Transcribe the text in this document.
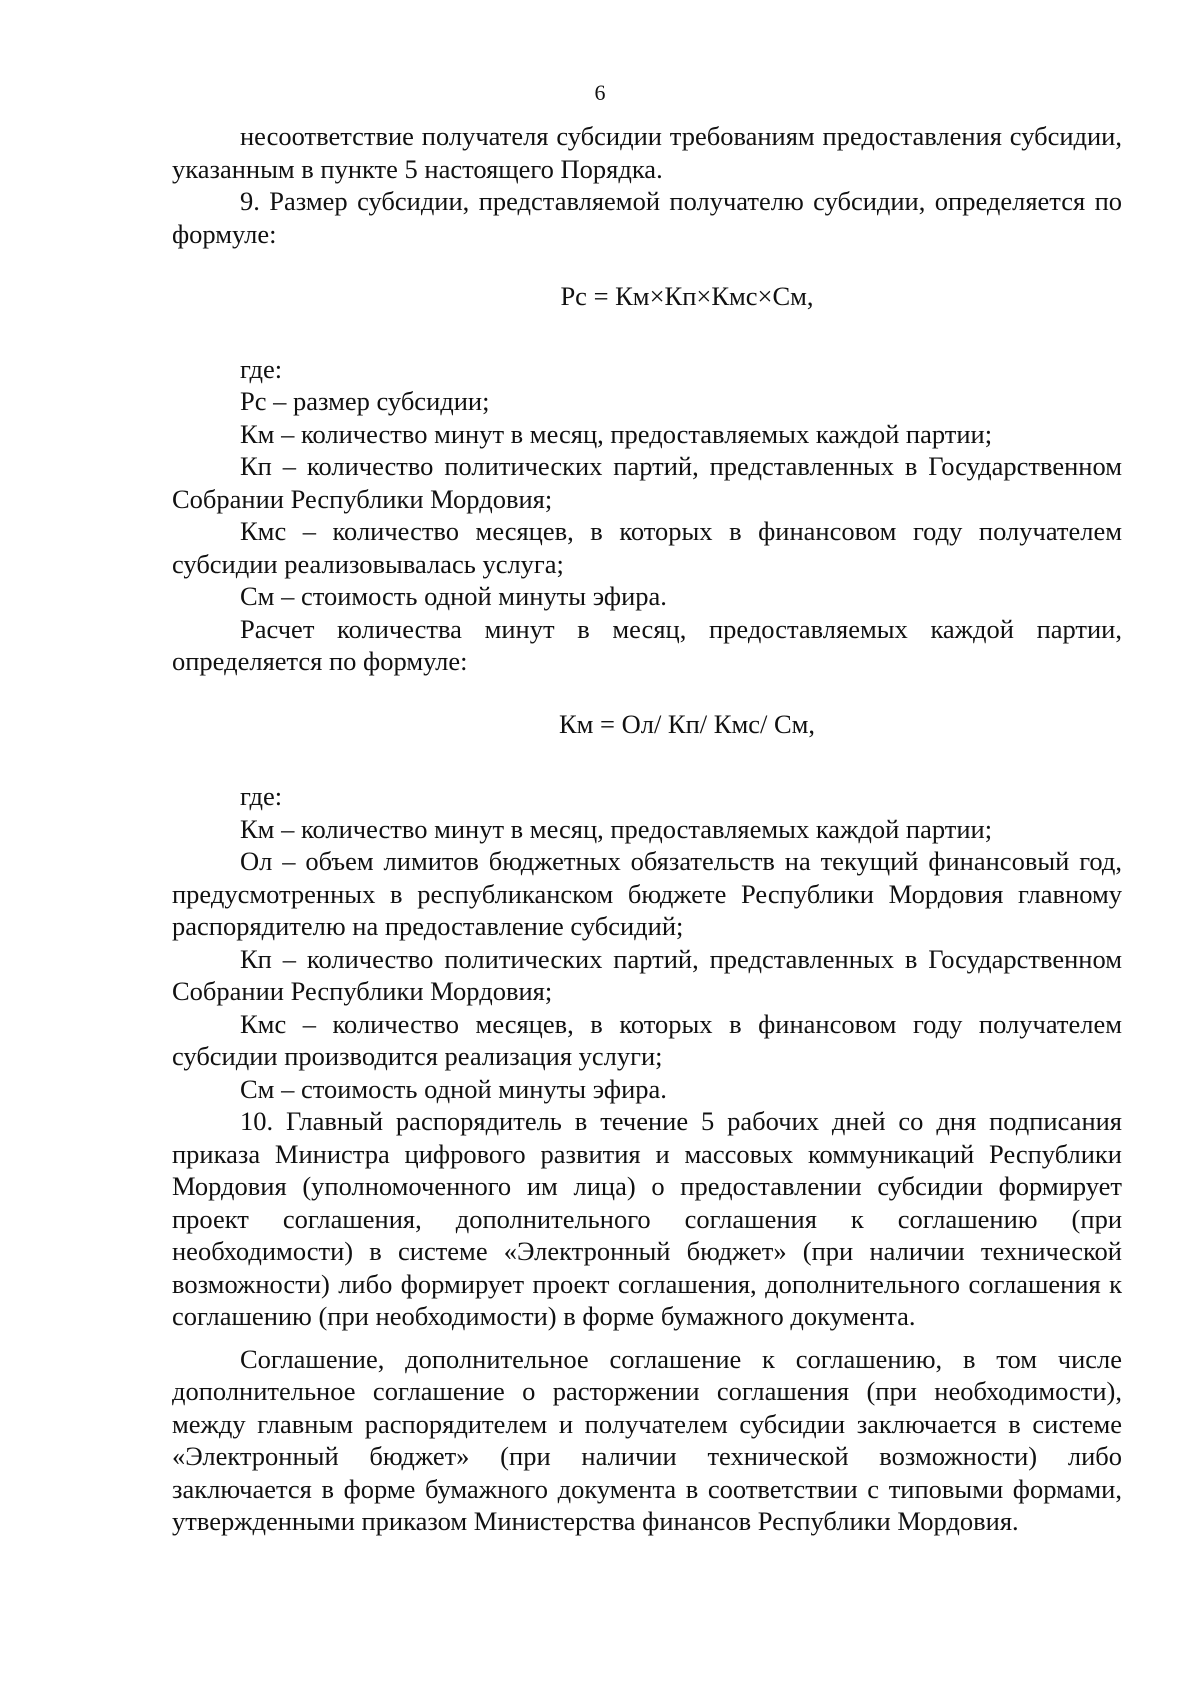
6

несоответствие получателя субсидии требованиям предоставления субсидии, указанным в пункте 5 настоящего Порядка.

9. Размер субсидии, представляемой получателю субсидии, определяется по формуле:

Рс = Км×Кп×Кмс×См,

где:

Рс – размер субсидии;

Км – количество минут в месяц, предоставляемых каждой партии;

Кп – количество политических партий, представленных в Государственном Собрании Республики Мордовия;

Кмс – количество месяцев, в которых в финансовом году получателем субсидии реализовывалась услуга;

См – стоимость одной минуты эфира.

Расчет количества минут в месяц, предоставляемых каждой партии, определяется по формуле:

Км = Ол/ Кп/ Кмс/ См,

где:

Км – количество минут в месяц, предоставляемых каждой партии;

Ол – объем лимитов бюджетных обязательств на текущий финансовый год, предусмотренных в республиканском бюджете Республики Мордовия главному распорядителю на предоставление субсидий;

Кп – количество политических партий, представленных в Государственном Собрании Республики Мордовия;

Кмс – количество месяцев, в которых в финансовом году получателем субсидии производится реализация услуги;

См – стоимость одной минуты эфира.

10. Главный распорядитель в течение 5 рабочих дней со дня подписания приказа Министра цифрового развития и массовых коммуникаций Республики Мордовия (уполномоченного им лица) о предоставлении субсидии формирует проект соглашения, дополнительного соглашения к соглашению (при необходимости) в системе «Электронный бюджет» (при наличии технической возможности) либо формирует проект соглашения, дополнительного соглашения к соглашению (при необходимости) в форме бумажного документа.

Соглашение, дополнительное соглашение к соглашению, в том числе дополнительное соглашение о расторжении соглашения (при необходимости), между главным распорядителем и получателем субсидии заключается в системе «Электронный бюджет» (при наличии технической возможности) либо заключается в форме бумажного документа в соответствии с типовыми формами, утвержденными приказом Министерства финансов Республики Мордовия.
